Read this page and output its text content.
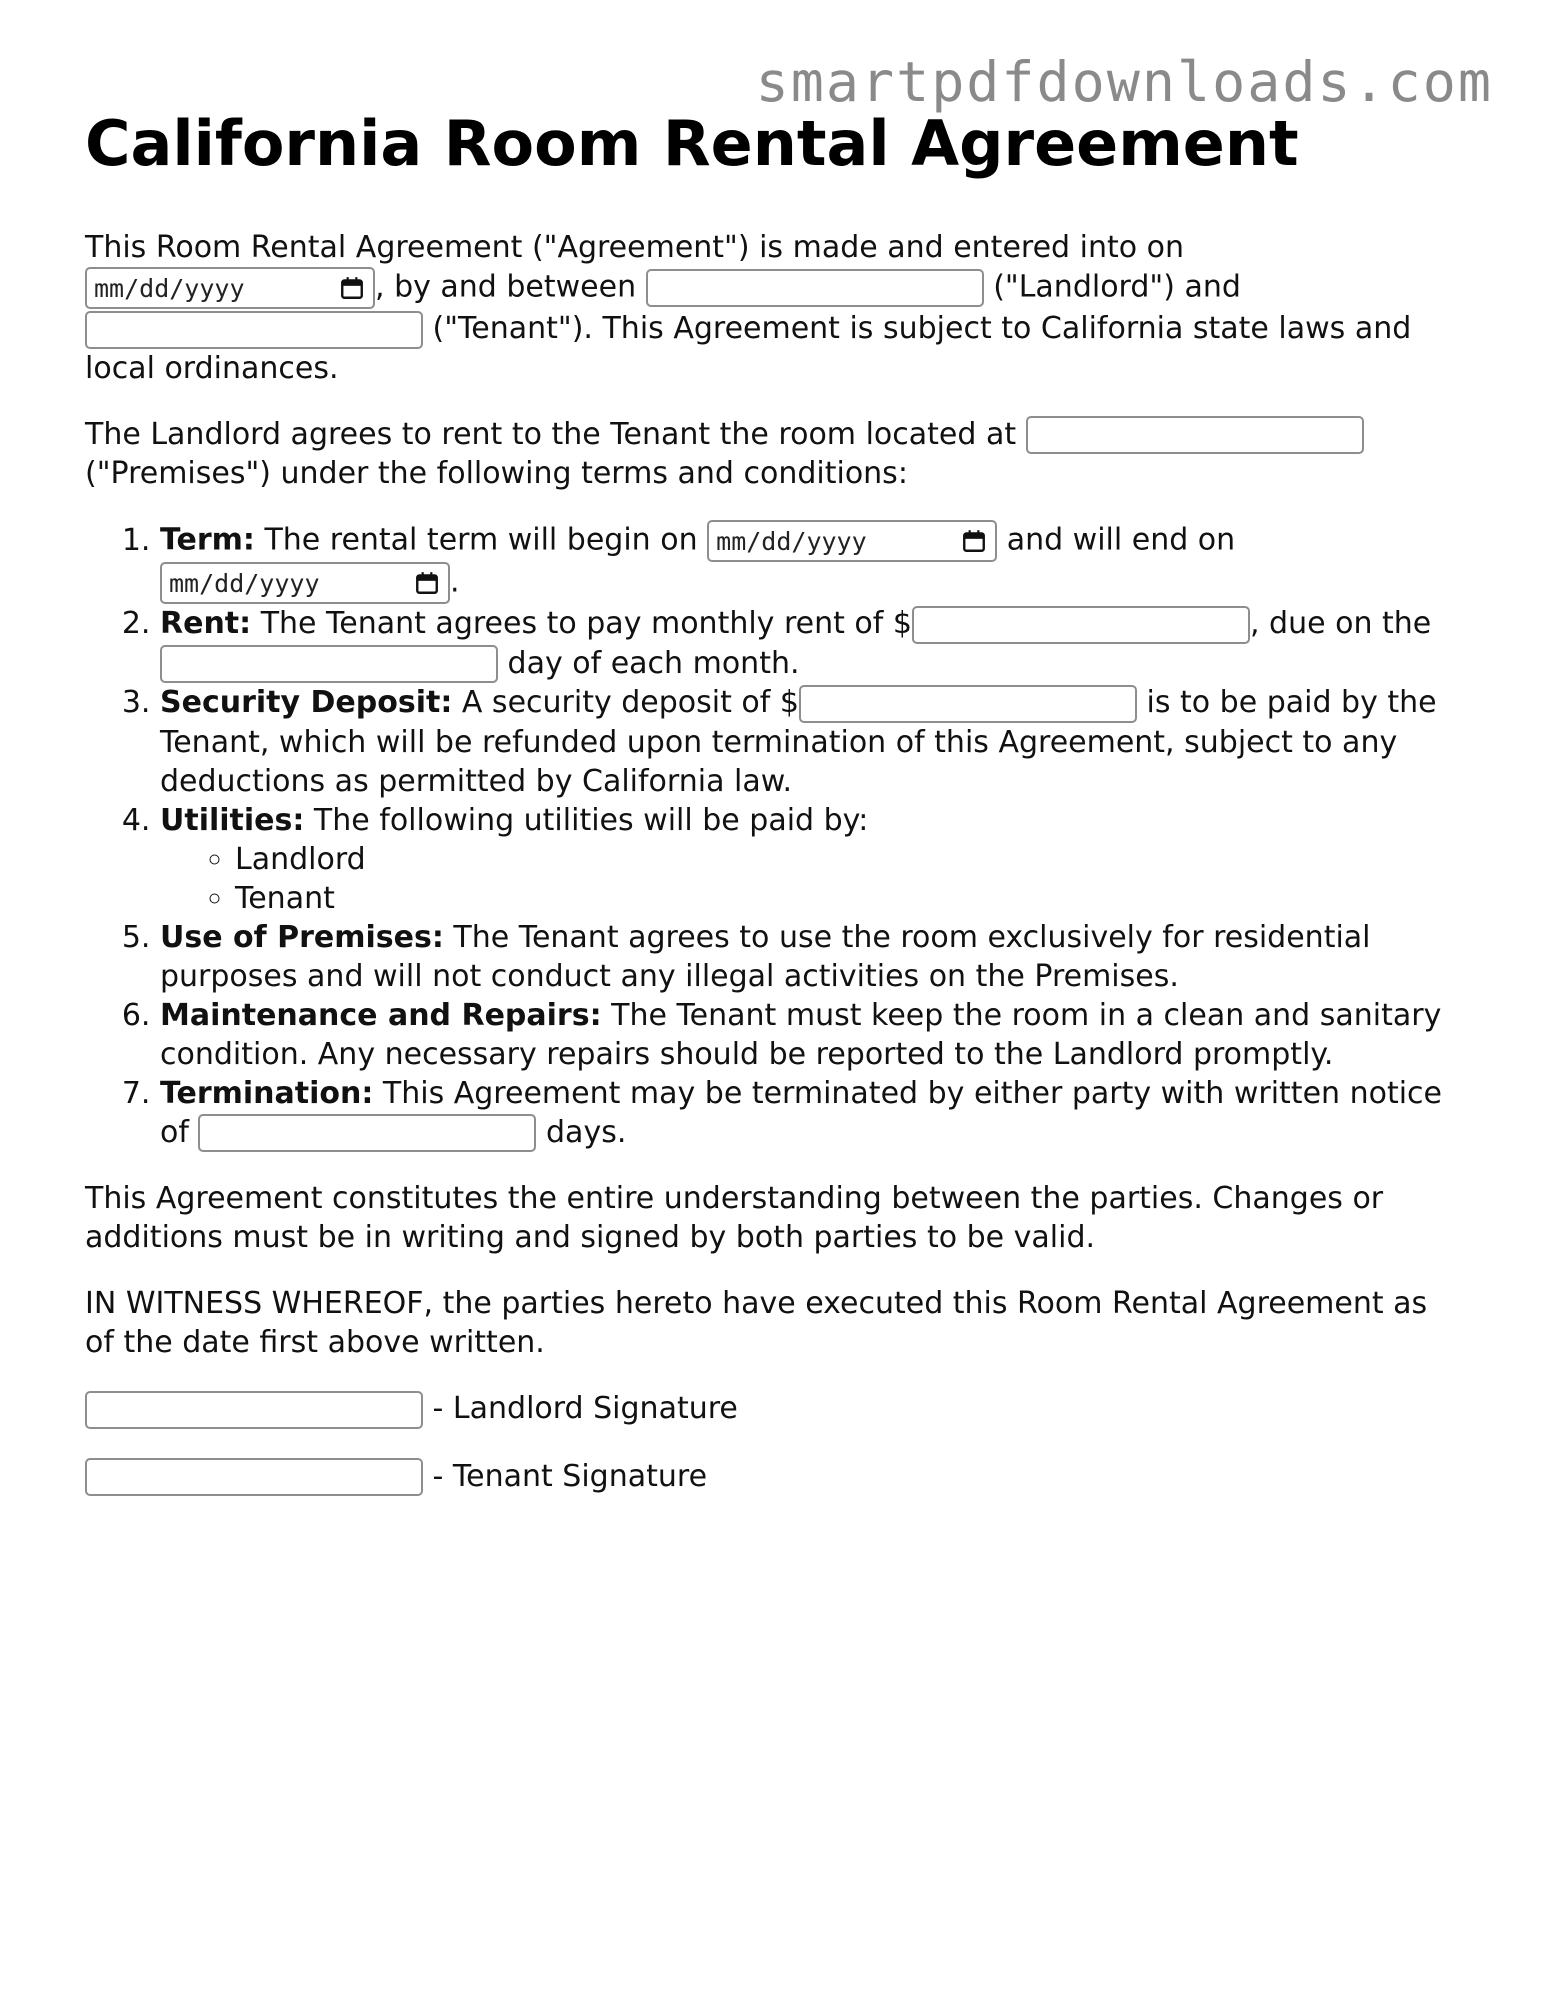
smartpdfdownloads.com
California Room Rental Agreement

This Room Rental Agreement ("Agreement") is made and entered into on

mm/dd/yyyy	, by and between	("Landlord") and
("Tenant"). This Agreement is subject to California state laws and local ordinances.

The Landlord agrees to rent to the Tenant the room located at  ("Premises") under the following terms and conditions:

1. Term: The rental term will begin on mm/dd/yyyy	and will end on

mm/dd/yyyy	.
2. Rent: The Tenant agrees to pay monthly rent of $	, due on the
day of each month.
3. Security Deposit: A security deposit of $	is to be paid by the Tenant, which will be refunded upon termination of this Agreement, subject to any deductions as permitted by California law.
4. Utilities: The following utilities will be paid by:
◦ Landlord
◦ Tenant
5. Use of Premises: The Tenant agrees to use the room exclusively for residential purposes and will not conduct any illegal activities on the Premises.
6. Maintenance and Repairs: The Tenant must keep the room in a clean and sanitary condition. Any necessary repairs should be reported to the Landlord promptly.
7. Termination: This Agreement may be terminated by either party with written notice of	days.

This Agreement constitutes the entire understanding between the parties. Changes or additions must be in writing and signed by both parties to be valid.

IN WITNESS WHEREOF, the parties hereto have executed this Room Rental Agreement as of the date first above written.

- Landlord Signature
- Tenant Signature
